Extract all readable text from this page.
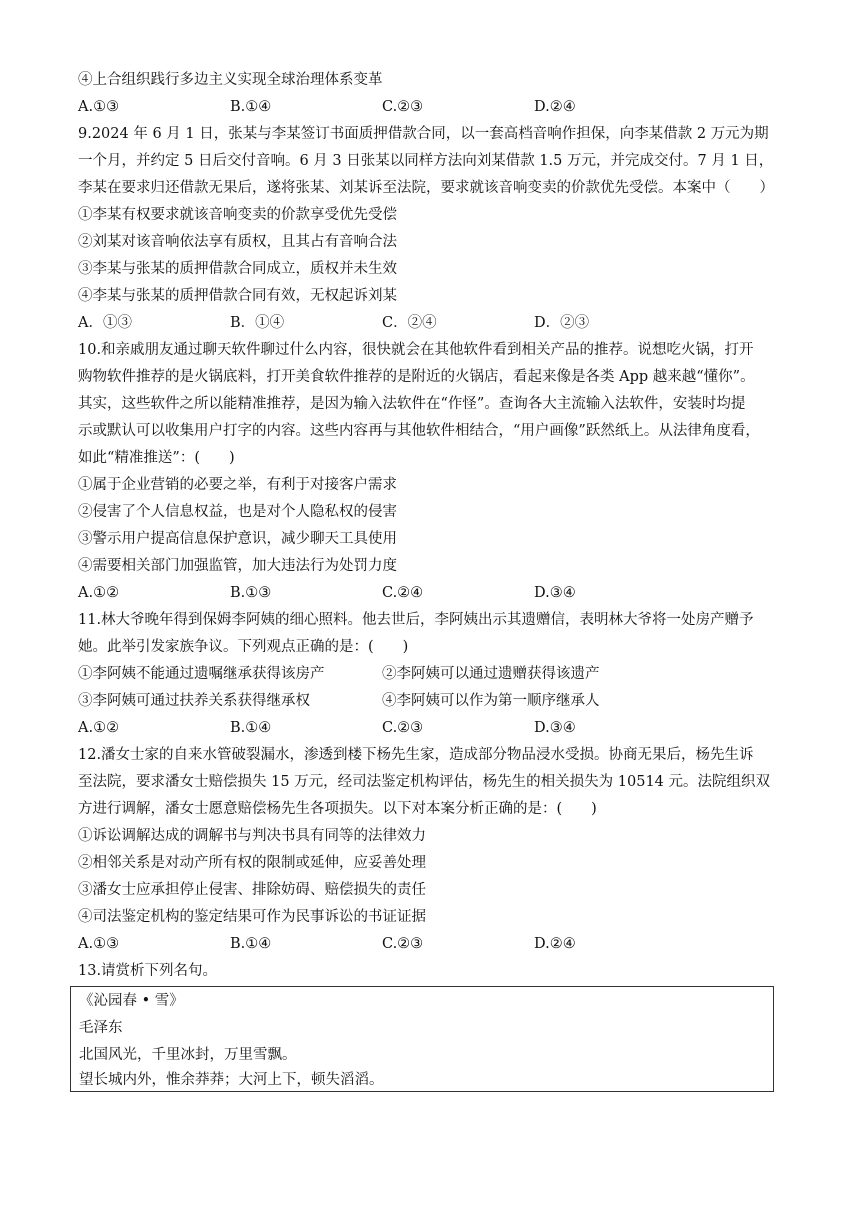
④上合组织践行多边主义实现全球治理体系变革
A.①③	B.①④	C.②③	D.②④
9.2024 年 6 月 1 日，张某与李某签订书面质押借款合同，以一套高档音响作担保，向李某借款 2 万元为期
一个月，并约定 5 日后交付音响。6 月 3 日张某以同样方法向刘某借款 1.5 万元，并完成交付。7 月 1 日，
李某在要求归还借款无果后，遂将张某、刘某诉至法院，要求就该音响变卖的价款优先受偿。本案中（　　）
①李某有权要求就该音响变卖的价款享受优先受偿
②刘某对该音响依法享有质权，且其占有音响合法
③李某与张某的质押借款合同成立，质权并未生效
④李某与张某的质押借款合同有效，无权起诉刘某
A．①③	B．①④	C．②④	D．②③
10.和亲戚朋友通过聊天软件聊过什么内容，很快就会在其他软件看到相关产品的推荐。说想吃火锅，打开
购物软件推荐的是火锅底料，打开美食软件推荐的是附近的火锅店，看起来像是各类 App 越来越“懂你”。
其实，这些软件之所以能精准推荐，是因为输入法软件在“作怪”。查询各大主流输入法软件，安装时均提
示或默认可以收集用户打字的内容。这些内容再与其他软件相结合，“用户画像”跃然纸上。从法律角度看，
如此“精准推送”：(　　)
①属于企业营销的必要之举，有利于对接客户需求
②侵害了个人信息权益，也是对个人隐私权的侵害
③警示用户提高信息保护意识，减少聊天工具使用
④需要相关部门加强监管，加大违法行为处罚力度
A.①②	B.①③	C.②④	D.③④
11.林大爷晚年得到保姆李阿姨的细心照料。他去世后，李阿姨出示其遗赠信，表明林大爷将一处房产赠予
她。此举引发家族争议。下列观点正确的是：(　　)
①李阿姨不能通过遗嘱继承获得该房产	②李阿姨可以通过遗赠获得该遗产
③李阿姨可通过扶养关系获得继承权	④李阿姨可以作为第一顺序继承人
A.①②	B.①④	C.②③	D.③④
12.潘女士家的自来水管破裂漏水，渗透到楼下杨先生家，造成部分物品浸水受损。协商无果后，杨先生诉
至法院，要求潘女士赔偿损失 15 万元，经司法鉴定机构评估，杨先生的相关损失为 10514 元。法院组织双
方进行调解，潘女士愿意赔偿杨先生各项损失。以下对本案分析正确的是：(　　)
①诉讼调解达成的调解书与判决书具有同等的法律效力
②相邻关系是对动产所有权的限制或延伸，应妥善处理
③潘女士应承担停止侵害、排除妨碍、赔偿损失的责任
④司法鉴定机构的鉴定结果可作为民事诉讼的书证证据
A.①③	B.①④	C.②③	D.②④
13.请赏析下列名句。
《沁园春 • 雪》
毛泽东
北国风光，千里冰封，万里雪飘。
望长城内外，惟余莽莽；大河上下，顿失滔滔。
